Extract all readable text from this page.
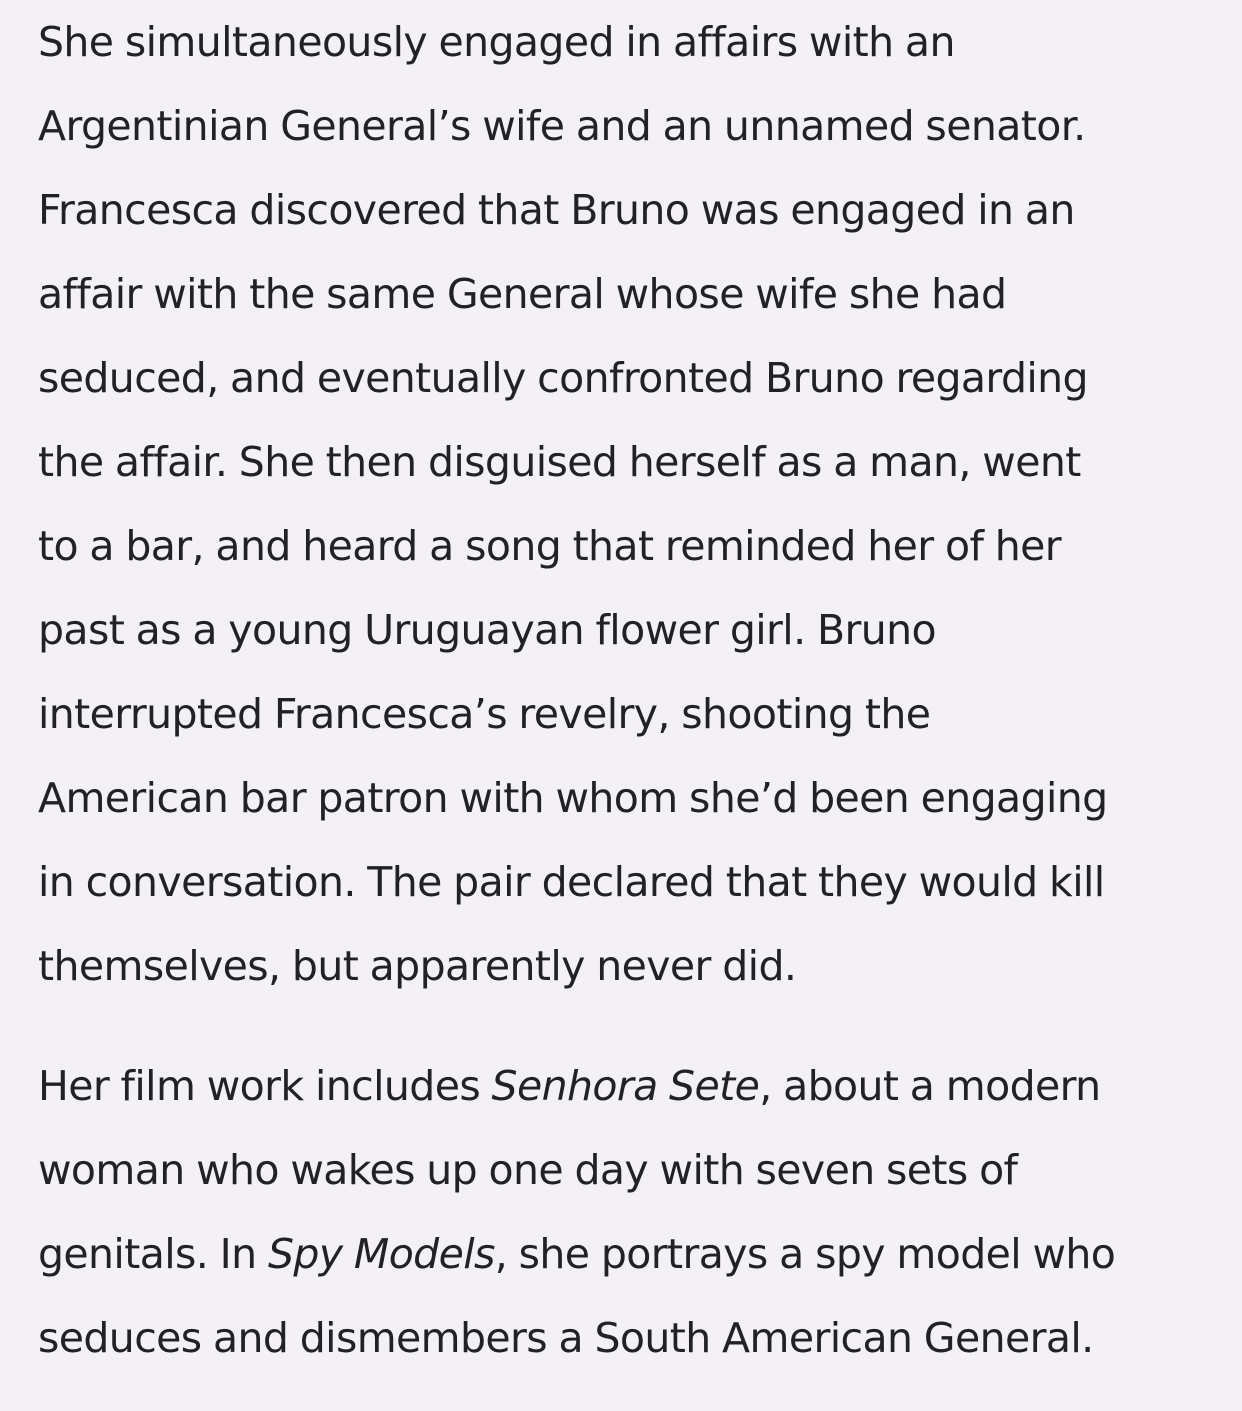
She simultaneously engaged in affairs with an
Argentinian General’s wife and an unnamed senator.
Francesca discovered that Bruno was engaged in an
affair with the same General whose wife she had
seduced, and eventually confronted Bruno regarding
the affair. She then disguised herself as a man, went
to a bar, and heard a song that reminded her of her
past as a young Uruguayan flower girl. Bruno
interrupted Francesca’s revelry, shooting the
American bar patron with whom she’d been engaging
in conversation. The pair declared that they would kill
themselves, but apparently never did.

Her film work includes Senhora Sete, about a modern
woman who wakes up one day with seven sets of
genitals. In Spy Models, she portrays a spy model who
seduces and dismembers a South American General.
